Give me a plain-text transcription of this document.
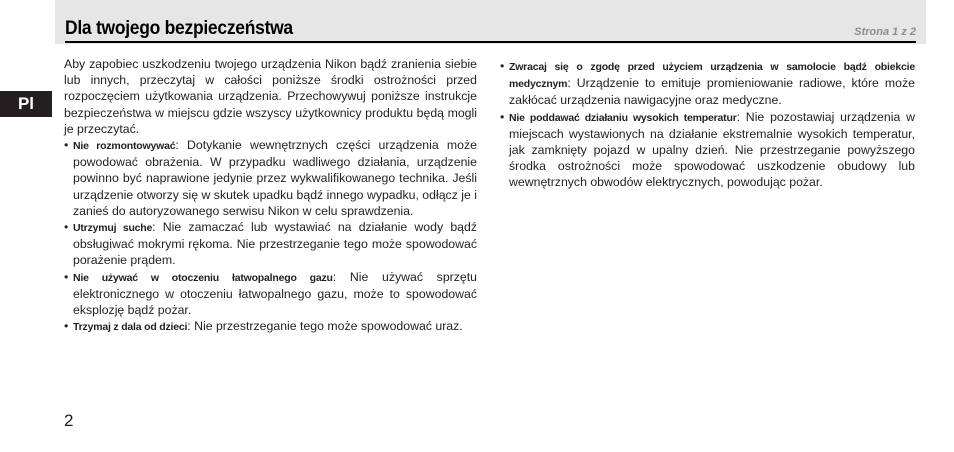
Dla twojego bezpieczeństwa	Strona 1 z 2
Pl

Aby zapobiec uszkodzeniu twojego urządzenia Nikon bądź zranienia siebie lub innych, przeczytaj w całości poniższe środki ostrożności przed rozpoczęciem użytkowania urządzenia. Przechowywuj poniższe instrukcje bezpieczeństwa w miejscu gdzie wszyscy użytkownicy produktu będą mogli je przeczytać.

• Nie rozmontowywać: Dotykanie wewnętrznych części urządzenia może powodować obrażenia. W przypadku wadliwego działania, urządzenie powinno być naprawione jedynie przez wykwalifikowanego technika. Jeśli urządzenie otworzy się w skutek upadku bądź innego wypadku, odłącz je i zanieś do autoryzowanego serwisu Nikon w celu sprawdzenia.
• Utrzymuj suche: Nie zamaczać lub wystawiać na działanie wody bądź obsługiwać mokrymi rękoma. Nie przestrzeganie tego może spowodować porażenie prądem.
• Nie używać w otoczeniu łatwopalnego gazu: Nie używać sprzętu elektronicznego w otoczeniu łatwopalnego gazu, może to spowodować eksplozję bądź pożar.
• Trzymaj z dala od dzieci: Nie przestrzeganie tego może spowodować uraz.
• Zwracaj się o zgodę przed użyciem urządzenia w samolocie bądź obiekcie medycznym: Urządzenie to emituje promieniowanie radiowe, które może zakłócać urządzenia nawigacyjne oraz medyczne.
• Nie poddawać działaniu wysokich temperatur: Nie pozostawiaj urządzenia w miejscach wystawionych na działanie ekstremalnie wysokich temperatur, jak zamknięty pojazd w upalny dzień. Nie przestrzeganie powyższego środka ostrożności może spowodować uszkodzenie obudowy lub wewnętrznych obwodów elektrycznych, powodując pożar.
2
